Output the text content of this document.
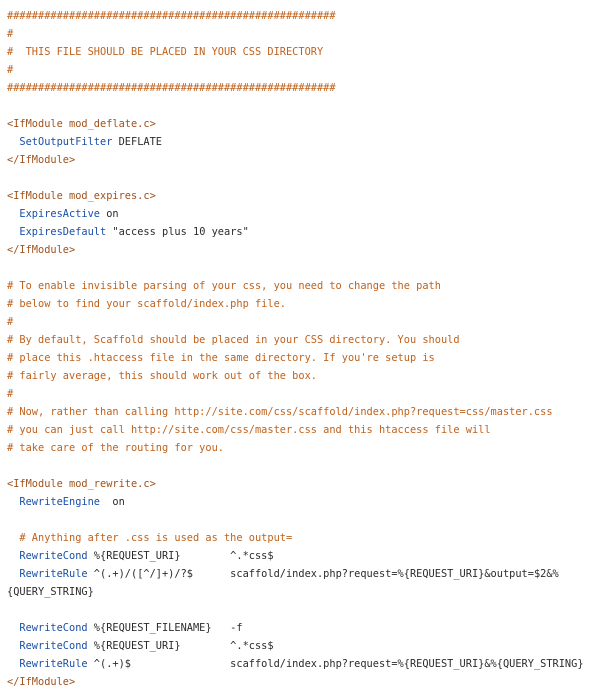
#####################################################
#
#  THIS FILE SHOULD BE PLACED IN YOUR CSS DIRECTORY
#
#####################################################
<IfModule mod_deflate.c>
SetOutputFilter DEFLATE
</IfModule>
<IfModule mod_expires.c>
ExpiresActive on
ExpiresDefault "access plus 10 years"
</IfModule>
# To enable invisible parsing of your css, you need to change the path
# below to find your scaffold/index.php file.
#
# By default, Scaffold should be placed in your CSS directory. You should
# place this .htaccess file in the same directory. If you're setup is
# fairly average, this should work out of the box.
#
# Now, rather than calling http://site.com/css/scaffold/index.php?request=css/master.css
# you can just call http://site.com/css/master.css and this htaccess file will
# take care of the routing for you.
<IfModule mod_rewrite.c>
RewriteEngine  on
# Anything after .css is used as the output=
RewriteCond %{REQUEST_URI}        ^.*css$
RewriteRule ^(.+)/([^/]+)/?$      scaffold/index.php?request=%{REQUEST_URI}&output=$2&%
{QUERY_STRING}
RewriteCond %{REQUEST_FILENAME}   -f
RewriteCond %{REQUEST_URI}        ^.*css$
RewriteRule ^(.+)$                scaffold/index.php?request=%{REQUEST_URI}&%{QUERY_STRING}
</IfModule>
